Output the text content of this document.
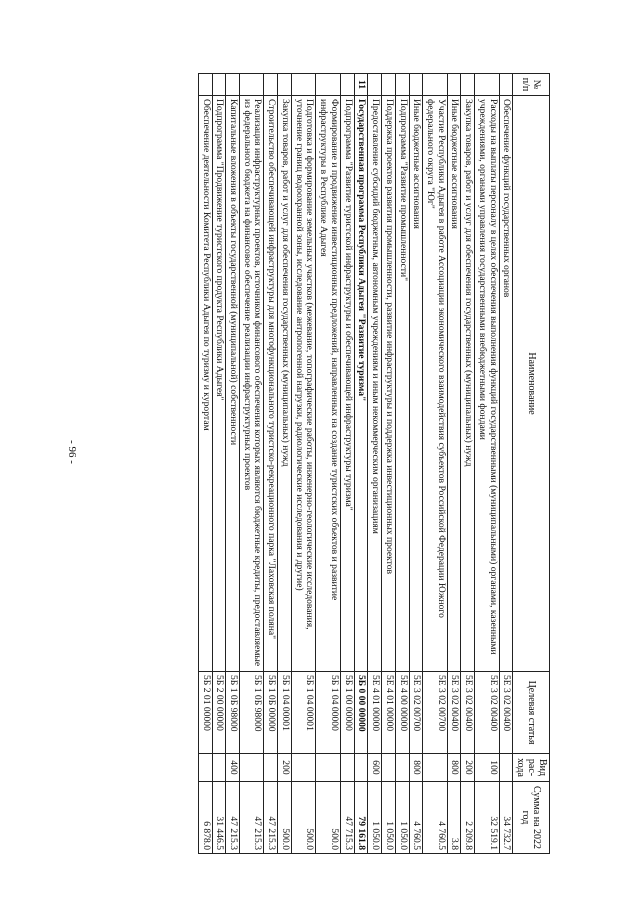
- 96 -
№ п/п	Наименование	Целевая статья	Вид рас- хода	Сумма на 2022 год
	Обеспечение функций государственных органов	5Е 3 02 00400		34 732.7
	Расходы на выплаты персоналу в целях обеспечения выполнения функций государственными (муниципальными) органами, казенными учреждениями, органами управления государственными внебюджетными фондами	5Е 3 02 00400	100	32 519.1
	Закупка товаров, работ и услуг для обеспечения государственных (муниципальных) нужд	5Е 3 02 00400	200	2 209.8
	Иные бюджетные ассигнования	5Е 3 02 00400	800	3.8
	Участие Республики Адыгея в работе Ассоциации экономического взаимодействия субъектов Российской Федерации Южного федерального округа "Юг"	5Е 3 02 00700		4 760.5
	Иные бюджетные ассигнования	5Е 3 02 00700	800	4 760.5
	Подпрограмма "Развитие промышленности"	5Е 4 00 00000		1 050.0
	Поддержка проектов развития промышленности, развитие инфраструктуры и поддержка инвестиционных проектов	5Е 4 01 00000		1 050.0
	Предоставление субсидий бюджетным, автономным учреждениям и иным некоммерческим организациям	5Е 4 01 00000	600	1 050.0
11	Государственная программа Республики Адыгея "Развитие туризма"	5Б 0 00 00000		79 161.8
	Подпрограмма "Развитие туристской инфраструктуры и обеспечивающей инфраструктуры туризма"	5Б 1 00 00000		47 715.3
	Формирование и продвижение инвестиционных предложений, направленных на создание туристских объектов и развитие инфраструктуры в Республике Адыгея	5Б 1 04 00000		500.0
	Подготовка и формирование земельных участков (межевание, топографические работы, инженерно-геологические исследования, уточнение границ водоохранной зоны, исследование антропогенной нагрузки, радиологические исследования и другие)	5Б 1 04 00001		500.0
	Закупка товаров, работ и услуг для обеспечения государственных (муниципальных) нужд	5Б 1 04 00001	200	500.0
	Строительство обеспечивающей инфраструктуры для многофункционального туристско-рекреационного парка "Лаховская поляна"	5Б 1 0Б 00000		47 215.3
	Реализация инфраструктурных проектов, источником финансового обеспечения которых являются бюджетные кредиты, предоставляемые из федерального бюджета на финансовое обеспечение реализации инфраструктурных проектов	5Б 1 0Б 98000		47 215.3
	Капитальные вложения в объекты государственной (муниципальной) собственности	5Б 1 0Б 98000	400	47 215.3
	Подпрограмма "Продвижение туристского продукта Республики Адыгея"	5Б 2 00 00000		31 446.5
	Обеспечение деятельности Комитета Республики Адыгея по туризму и курортам	5Б 2 01 00000		6 878.0
